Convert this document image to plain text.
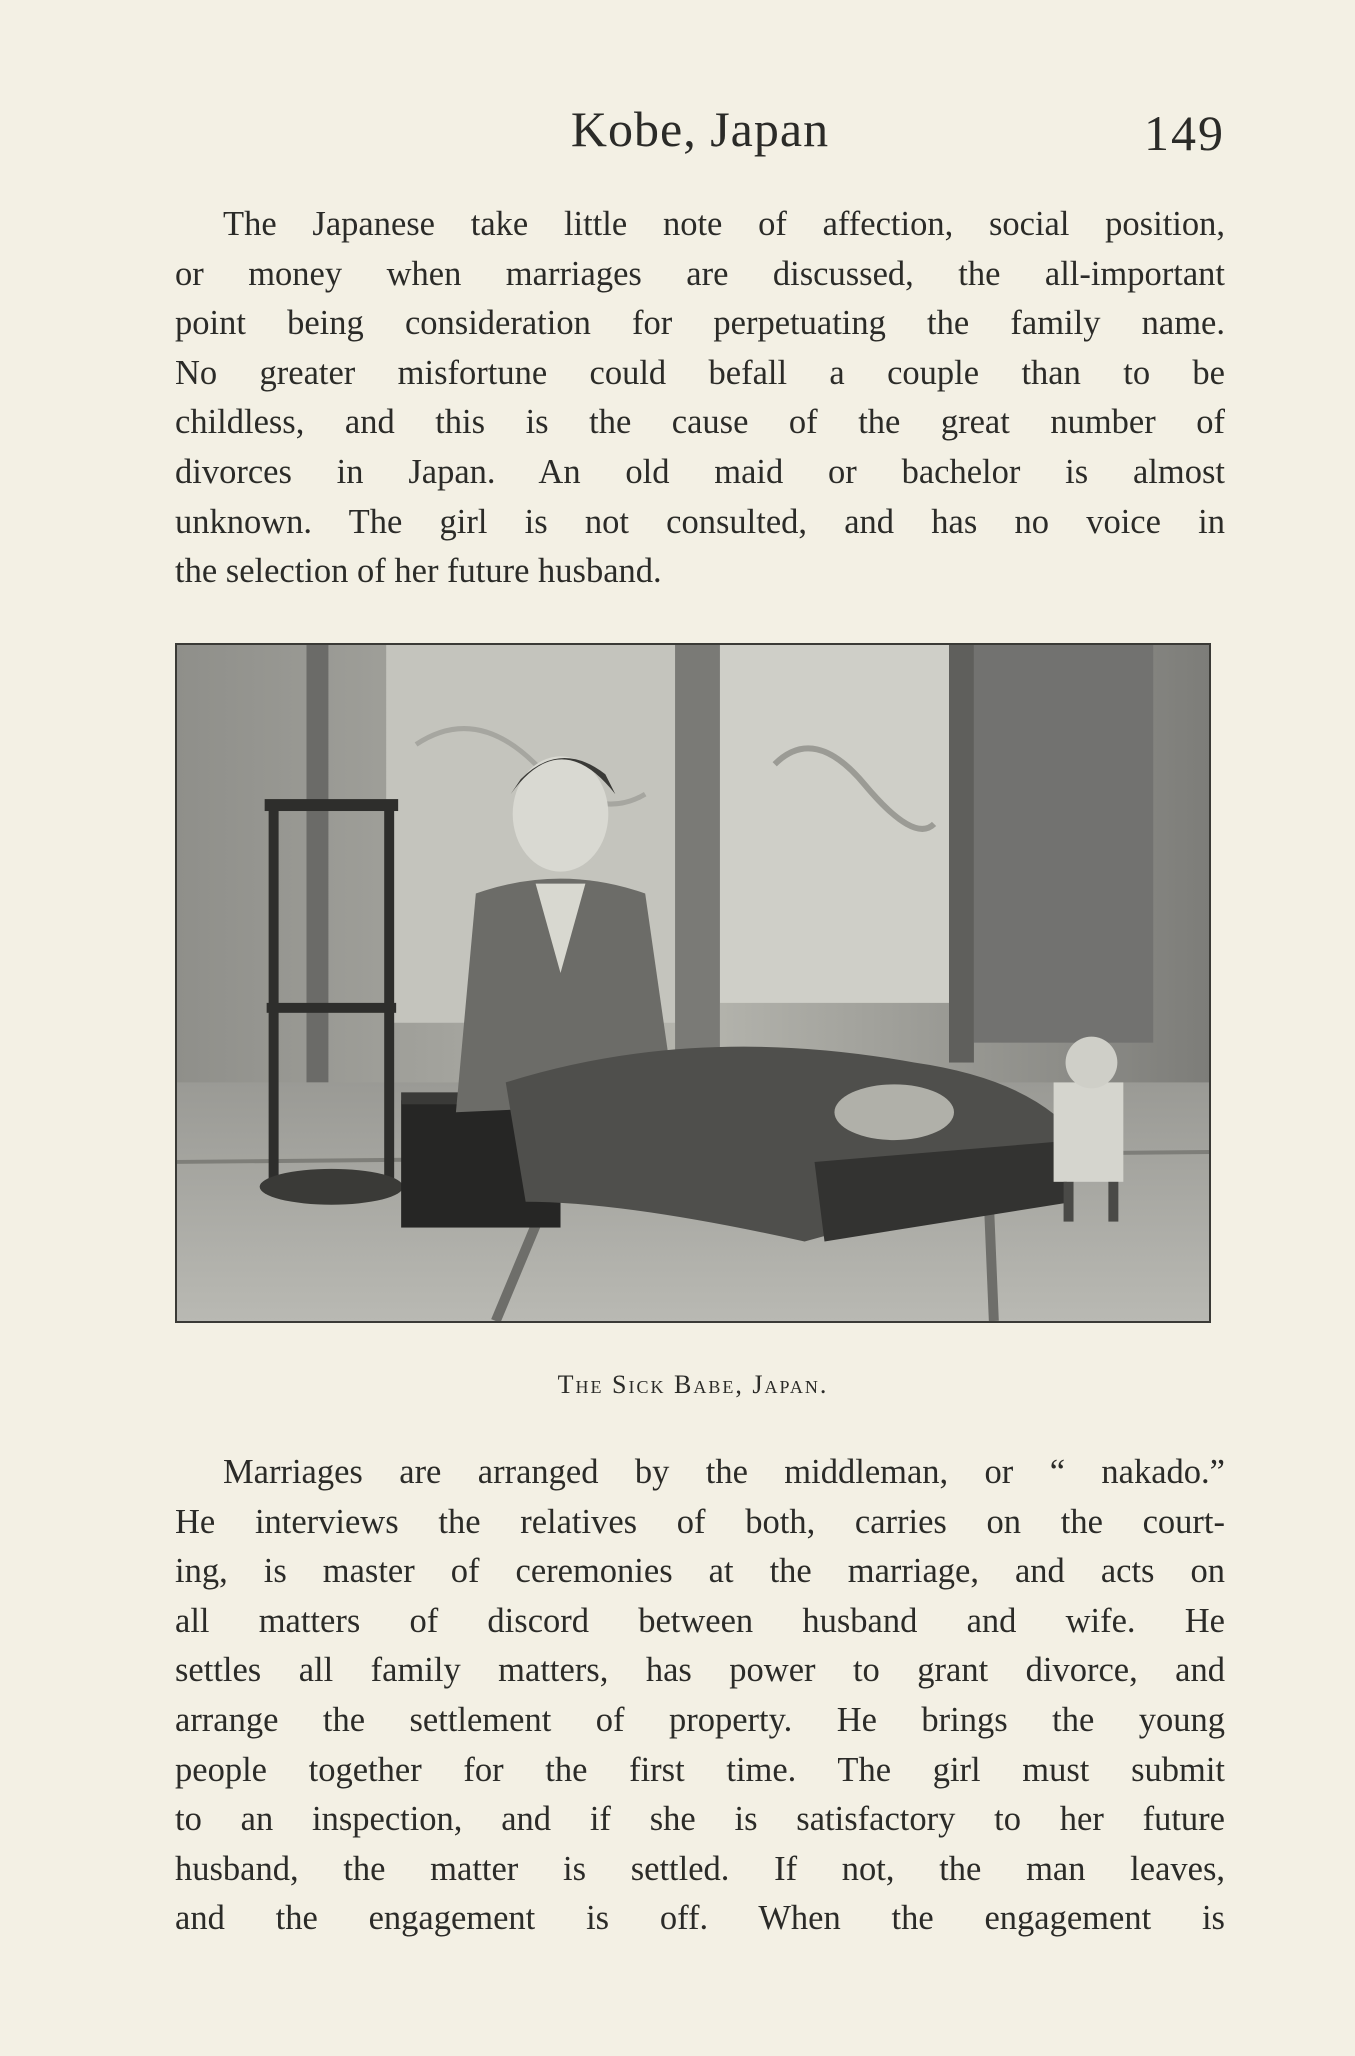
Kobe, Japan	149
The Japanese take little note of affection, social position,
or money when marriages are discussed, the all-important
point being consideration for perpetuating the family name.
No greater misfortune could befall a couple than to be
childless, and this is the cause of the great number of
divorces in Japan. An old maid or bachelor is almost
unknown. The girl is not consulted, and has no voice in
the selection of her future husband.
The Sick Babe, Japan.
Marriages are arranged by the middleman, or “ nakado.”
He interviews the relatives of both, carries on the court-
ing, is master of ceremonies at the marriage, and acts on
all matters of discord between husband and wife. He
settles all family matters, has power to grant divorce, and
arrange the settlement of property. He brings the young
people together for the first time. The girl must submit
to an inspection, and if she is satisfactory to her future
husband, the matter is settled. If not, the man leaves,
and the engagement is off. When the engagement is
